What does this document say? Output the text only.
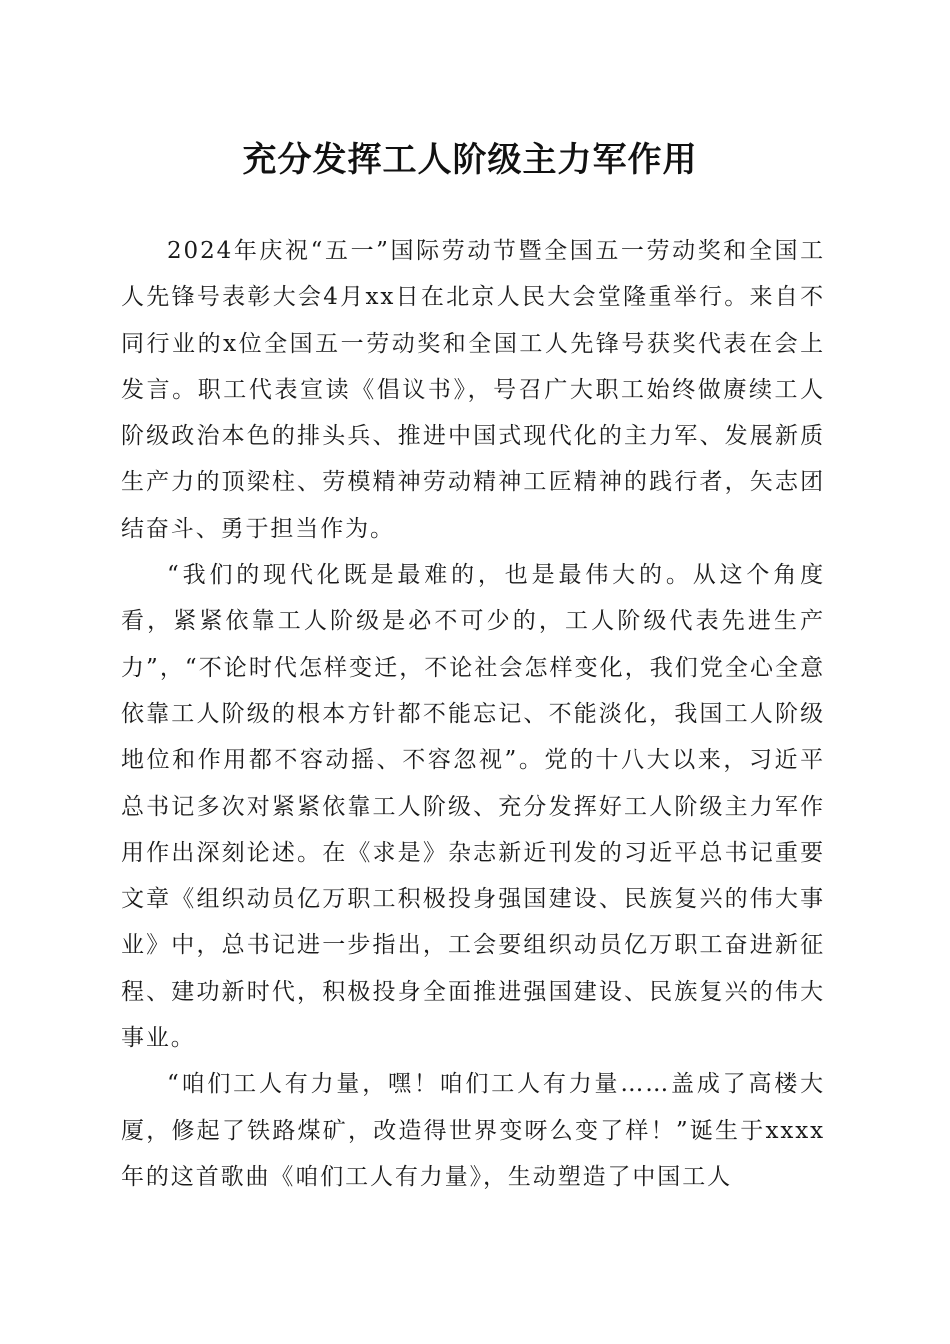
充分发挥工人阶级主力军作用

2024年庆祝“五一”国际劳动节暨全国五一劳动奖和全国工人先锋号表彰大会4月xx日在北京人民大会堂隆重举行。来自不同行业的x位全国五一劳动奖和全国工人先锋号获奖代表在会上发言。职工代表宣读《倡议书》，号召广大职工始终做赓续工人阶级政治本色的排头兵、推进中国式现代化的主力军、发展新质生产力的顶梁柱、劳模精神劳动精神工匠精神的践行者，矢志团结奋斗、勇于担当作为。

“我们的现代化既是最难的，也是最伟大的。从这个角度看，紧紧依靠工人阶级是必不可少的，工人阶级代表先进生产力”，“不论时代怎样变迁，不论社会怎样变化，我们党全心全意依靠工人阶级的根本方针都不能忘记、不能淡化，我国工人阶级地位和作用都不容动摇、不容忽视”。党的十八大以来，习近平总书记多次对紧紧依靠工人阶级、充分发挥好工人阶级主力军作用作出深刻论述。在《求是》杂志新近刊发的习近平总书记重要文章《组织动员亿万职工积极投身强国建设、民族复兴的伟大事业》中，总书记进一步指出，工会要组织动员亿万职工奋进新征程、建功新时代，积极投身全面推进强国建设、民族复兴的伟大事业。

“咱们工人有力量，嘿！咱们工人有力量……盖成了高楼大厦，修起了铁路煤矿，改造得世界变呀么变了样！”诞生于xxxx年的这首歌曲《咱们工人有力量》，生动塑造了中国工人
